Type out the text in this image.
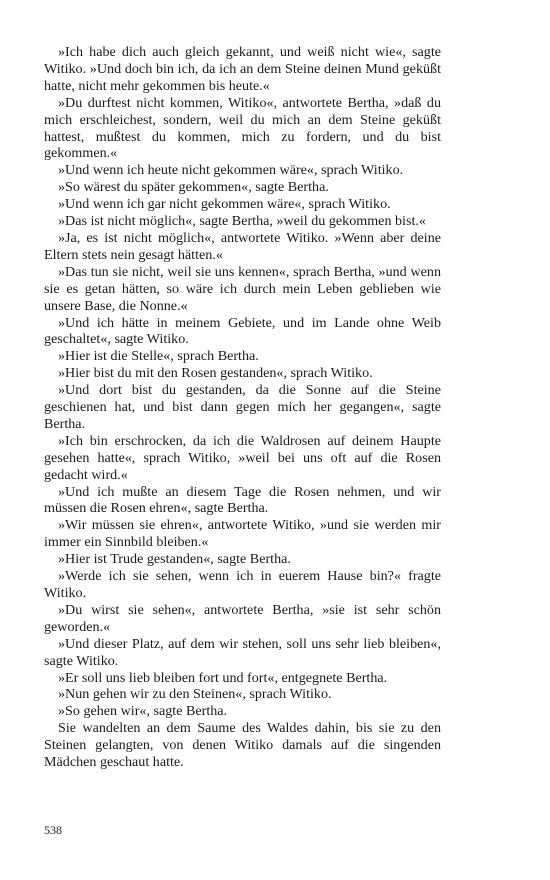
»Ich habe dich auch gleich gekannt, und weiß nicht wie«, sagte Witiko. »Und doch bin ich, da ich an dem Steine deinen Mund geküßt hatte, nicht mehr gekommen bis heute.«

»Du durftest nicht kommen, Witiko«, antwortete Bertha, »daß du mich erschleichest, sondern, weil du mich an dem Steine geküßt hattest, mußtest du kommen, mich zu fordern, und du bist gekommen.«

»Und wenn ich heute nicht gekommen wäre«, sprach Witiko.

»So wärest du später gekommen«, sagte Bertha.

»Und wenn ich gar nicht gekommen wäre«, sprach Witiko.

»Das ist nicht möglich«, sagte Bertha, »weil du gekommen bist.«

»Ja, es ist nicht möglich«, antwortete Witiko. »Wenn aber deine Eltern stets nein gesagt hätten.«

»Das tun sie nicht, weil sie uns kennen«, sprach Bertha, »und wenn sie es getan hätten, so wäre ich durch mein Leben geblieben wie unsere Base, die Nonne.«

»Und ich hätte in meinem Gebiete, und im Lande ohne Weib geschaltet«, sagte Witiko.

»Hier ist die Stelle«, sprach Bertha.

»Hier bist du mit den Rosen gestanden«, sprach Witiko.

»Und dort bist du gestanden, da die Sonne auf die Steine geschienen hat, und bist dann gegen mich her gegangen«, sagte Bertha.

»Ich bin erschrocken, da ich die Waldrosen auf deinem Haupte gesehen hatte«, sprach Witiko, »weil bei uns oft auf die Rosen gedacht wird.«

»Und ich mußte an diesem Tage die Rosen nehmen, und wir müssen die Rosen ehren«, sagte Bertha.

»Wir müssen sie ehren«, antwortete Witiko, »und sie werden mir immer ein Sinnbild bleiben.«

»Hier ist Trude gestanden«, sagte Bertha.

»Werde ich sie sehen, wenn ich in euerem Hause bin?« fragte Witiko.

»Du wirst sie sehen«, antwortete Bertha, »sie ist sehr schön geworden.«

»Und dieser Platz, auf dem wir stehen, soll uns sehr lieb bleiben«, sagte Witiko.

»Er soll uns lieb bleiben fort und fort«, entgegnete Bertha.

»Nun gehen wir zu den Steinen«, sprach Witiko.

»So gehen wir«, sagte Bertha.

Sie wandelten an dem Saume des Waldes dahin, bis sie zu den Steinen gelangten, von denen Witiko damals auf die singenden Mädchen geschaut hatte.

538
